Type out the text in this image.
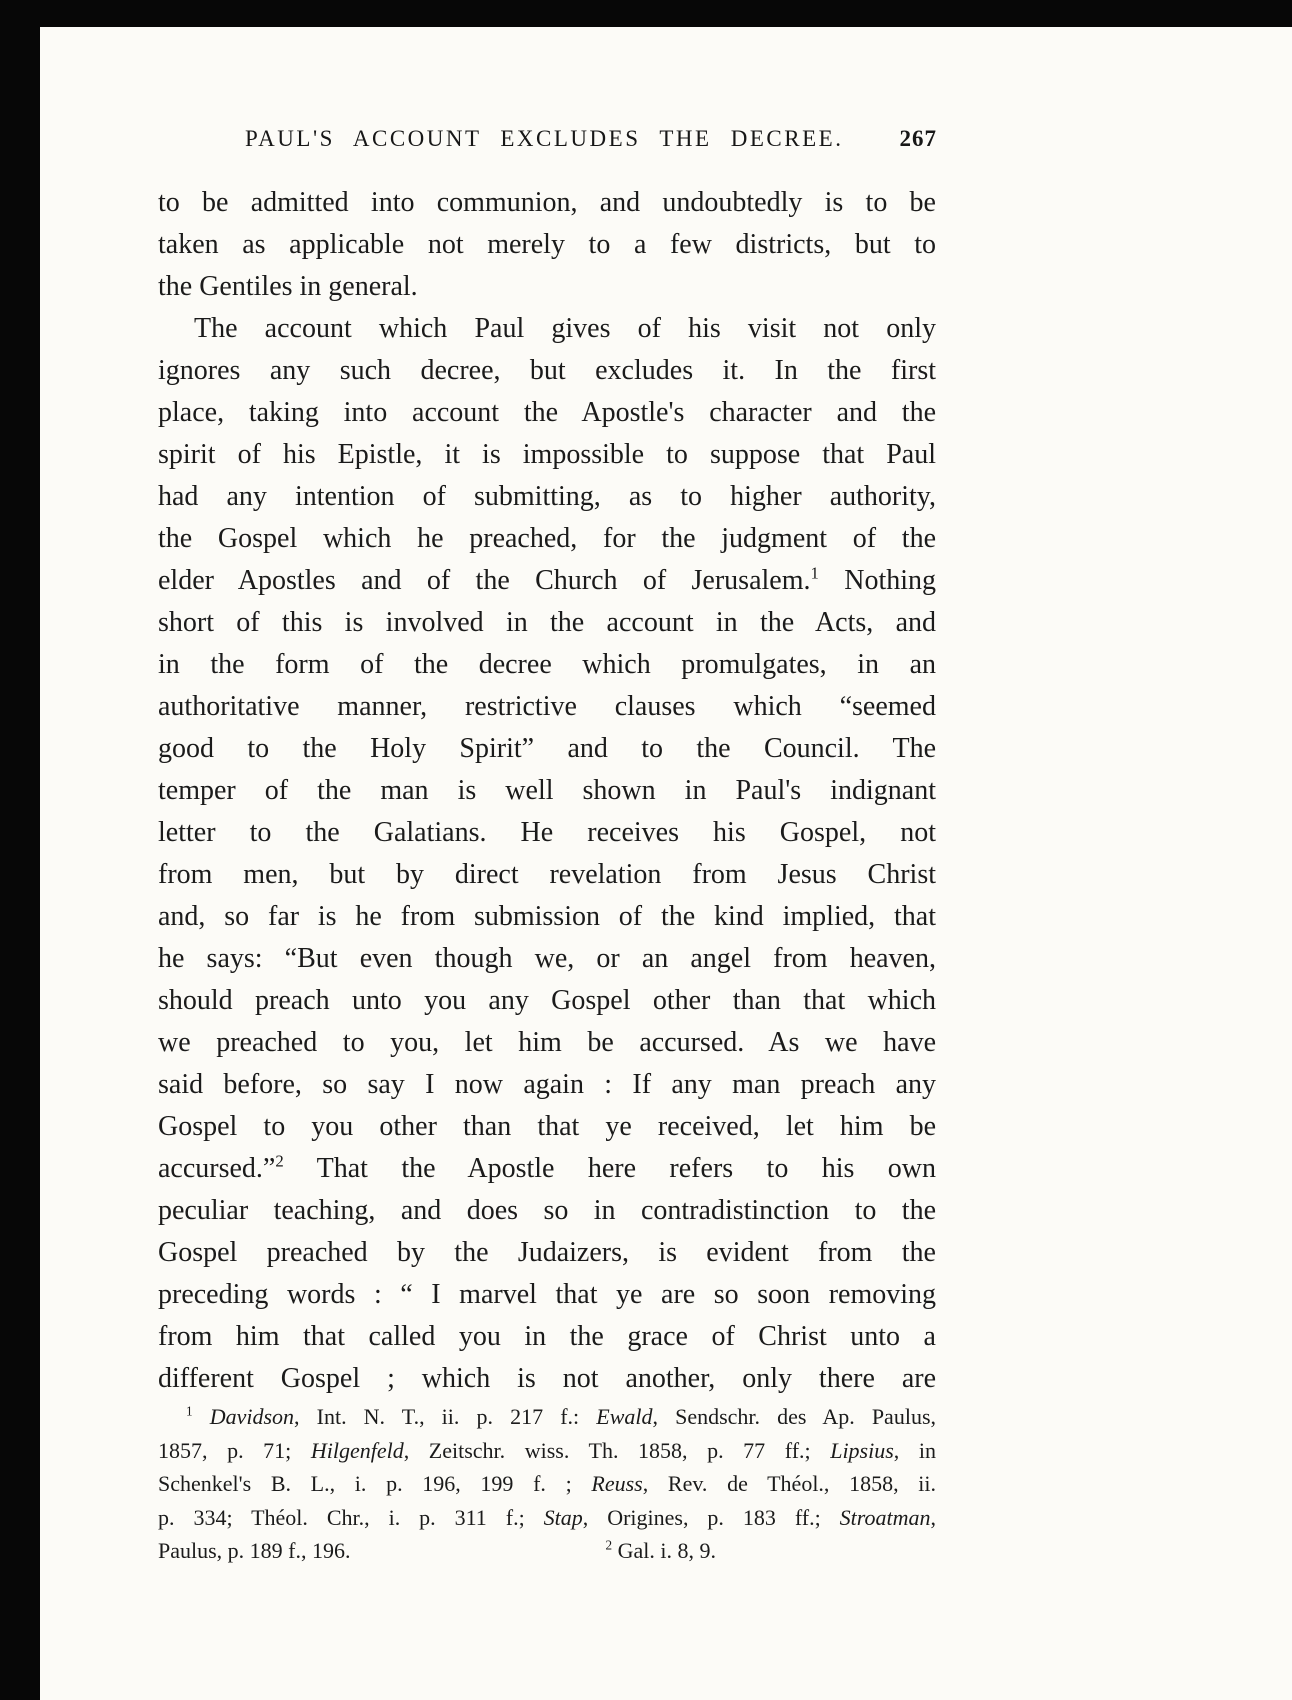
PAUL'S ACCOUNT EXCLUDES THE DECREE. 267
to be admitted into communion, and undoubtedly is to be
taken as applicable not merely to a few districts, but to
the Gentiles in general.
The account which Paul gives of his visit not only
ignores any such decree, but excludes it. In the first
place, taking into account the Apostle's character and the
spirit of his Epistle, it is impossible to suppose that Paul
had any intention of submitting, as to higher authority,
the Gospel which he preached, for the judgment of the
elder Apostles and of the Church of Jerusalem.$^1$ Nothing
short of this is involved in the account in the Acts, and
in the form of the decree which promulgates, in an
authoritative manner, restrictive clauses which “seemed
good to the Holy Spirit” and to the Council. The
temper of the man is well shown in Paul's indignant
letter to the Galatians. He receives his Gospel, not
from men, but by direct revelation from Jesus Christ
and, so far is he from submission of the kind implied, that
he says: “But even though we, or an angel from heaven,
should preach unto you any Gospel other than that which
we preached to you, let him be accursed. As we have
said before, so say I now again : If any man preach any
Gospel to you other than that ye received, let him be
accursed.”$^2$ That the Apostle here refers to his own
peculiar teaching, and does so in contradistinction to the
Gospel preached by the Judaizers, is evident from the
preceding words : “ I marvel that ye are so soon removing
from him that called you in the grace of Christ unto a
different Gospel ; which is not another, only there are
$^1$ Davidson, Int. N. T., ii. p. 217 f.: Ewald, Sendschr. des Ap. Paulus,
1857, p. 71; Hilgenfeld, Zeitschr. wiss. Th. 1858, p. 77 ff.; Lipsius, in
Schenkel's B. L., i. p. 196, 199 f. ; Reuss, Rev. de Théol., 1858, ii.
p. 334; Théol. Chr., i. p. 311 f.; Stap, Origines, p. 183 ff.; Stroatman,
Paulus, p. 189 f., 196.	$^2$ Gal. i. 8, 9.
